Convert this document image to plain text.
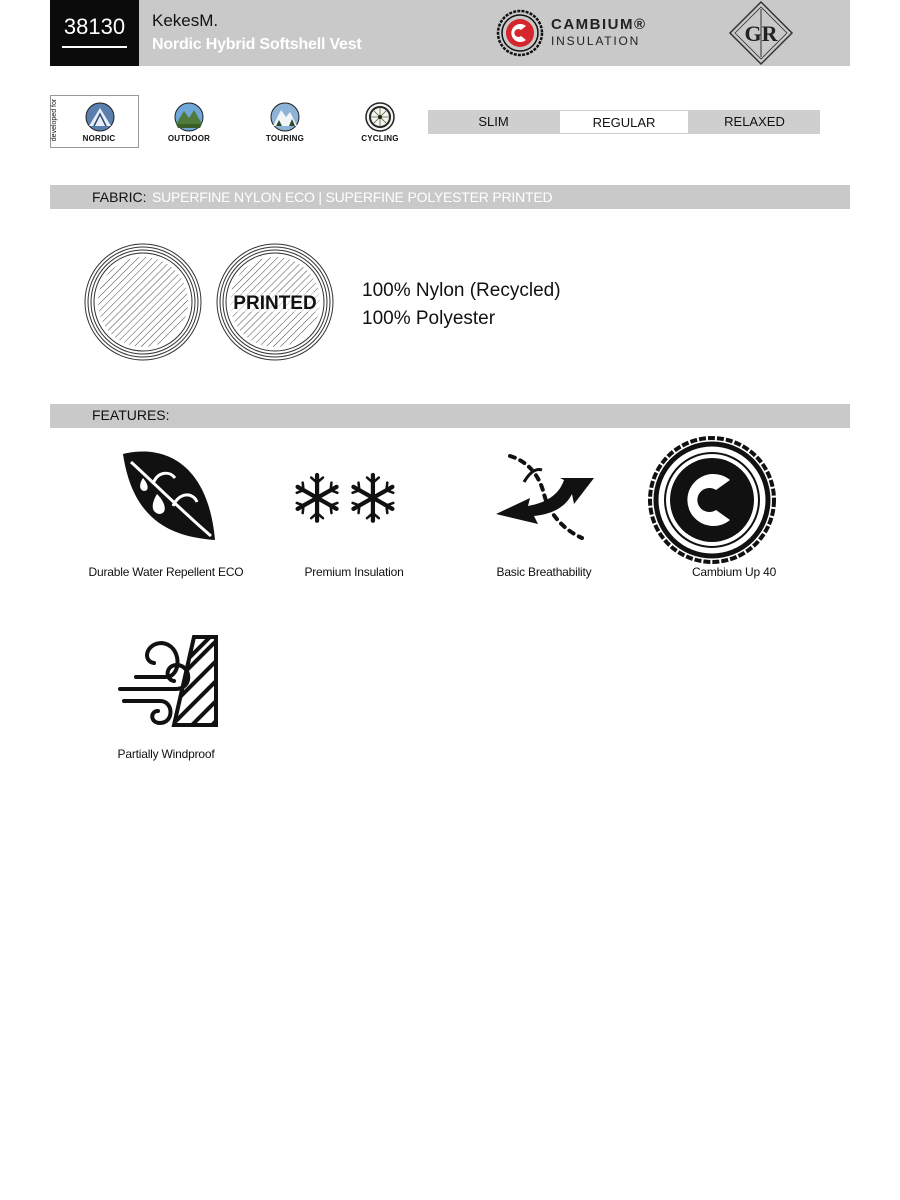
38130	KekesM.
Nordic Hybrid Softshell Vest
CAMBIUM®
INSULATION	GR
developed for	NORDIC	OUTDOOR	TOURING	CYCLING
SLIM	REGULAR	RELAXED
FABRIC: SUPERFINE NYLON ECO | SUPERFINE POLYESTER PRINTED
PRINTED
100% Nylon (Recycled)
100% Polyester
FEATURES:
Durable Water Repellent ECO	Premium Insulation	Basic Breathability	Cambium Up 40
Partially Windproof
